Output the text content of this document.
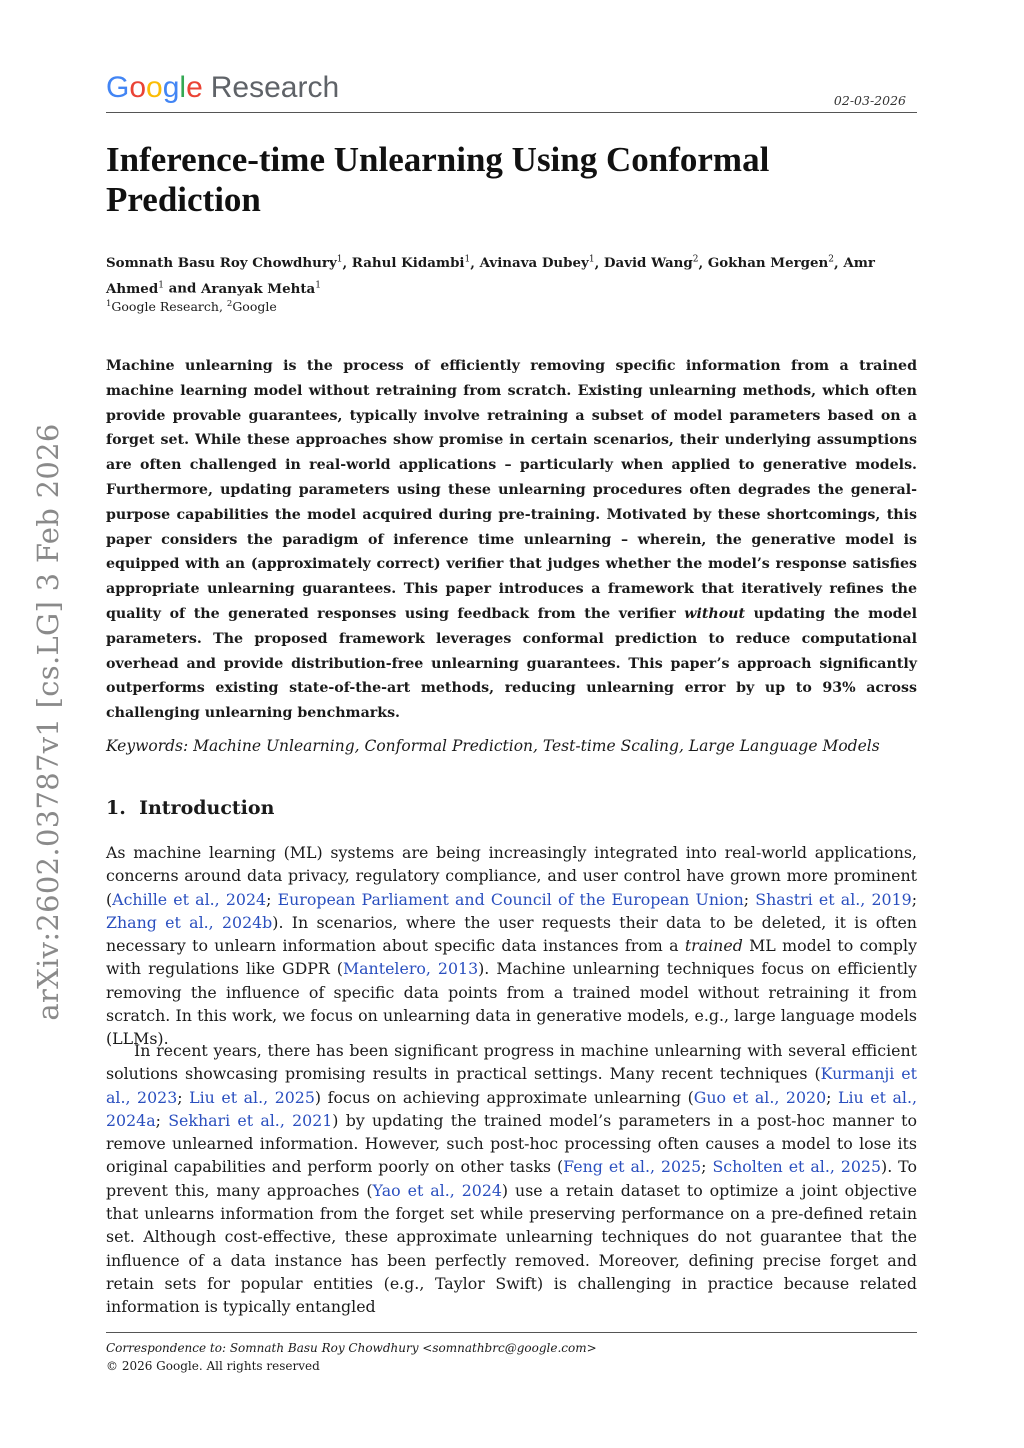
G o o g l e Research	02-03-2026
arXiv:2602.03787v1 [cs.LG] 3 Feb 2026
Inference-time Unlearning Using Conformal Prediction
Somnath Basu Roy Chowdhury$^1$, Rahul Kidambi$^1$, Avinava Dubey$^1$, David Wang$^2$, Gokhan Mergen$^2$, Amr Ahmed$^1$ and Aranyak Mehta$^1$
$^1$Google Research, $^2$Google

Machine unlearning is the process of efficiently removing specific information from a trained machine learning model without retraining from scratch. Existing unlearning methods, which often provide provable guarantees, typically involve retraining a subset of model parameters based on a forget set. While these approaches show promise in certain scenarios, their underlying assumptions are often challenged in real-world applications – particularly when applied to generative models. Furthermore, updating parameters using these unlearning procedures often degrades the general-purpose capabilities the model acquired during pre-training. Motivated by these shortcomings, this paper considers the paradigm of inference time unlearning – wherein, the generative model is equipped with an (approximately correct) verifier that judges whether the model’s response satisfies appropriate unlearning guarantees. This paper introduces a framework that iteratively refines the quality of the generated responses using feedback from the verifier without updating the model parameters. The proposed framework leverages conformal prediction to reduce computational overhead and provide distribution-free unlearning guarantees. This paper’s approach significantly outperforms existing state-of-the-art methods, reducing unlearning error by up to 93% across challenging unlearning benchmarks.

Keywords: Machine Unlearning, Conformal Prediction, Test-time Scaling, Large Language Models
1. Introduction

As machine learning (ML) systems are being increasingly integrated into real-world applications, concerns around data privacy, regulatory compliance, and user control have grown more prominent (Achille et al., 2024; European Parliament and Council of the European Union; Shastri et al., 2019; Zhang et al., 2024b). In scenarios, where the user requests their data to be deleted, it is often necessary to unlearn information about specific data instances from a trained ML model to comply with regulations like GDPR (Mantelero, 2013). Machine unlearning techniques focus on efficiently removing the influence of specific data points from a trained model without retraining it from scratch. In this work, we focus on unlearning data in generative models, e.g., large language models (LLMs).

In recent years, there has been significant progress in machine unlearning with several efficient solutions showcasing promising results in practical settings. Many recent techniques (Kurmanji et al., 2023; Liu et al., 2025) focus on achieving approximate unlearning (Guo et al., 2020; Liu et al., 2024a; Sekhari et al., 2021) by updating the trained model’s parameters in a post-hoc manner to remove unlearned information. However, such post-hoc processing often causes a model to lose its original capabilities and perform poorly on other tasks (Feng et al., 2025; Scholten et al., 2025). To prevent this, many approaches (Yao et al., 2024) use a retain dataset to optimize a joint objective that unlearns information from the forget set while preserving performance on a pre-defined retain set. Although cost-effective, these approximate unlearning techniques do not guarantee that the influence of a data instance has been perfectly removed. Moreover, defining precise forget and retain sets for popular entities (e.g., Taylor Swift) is challenging in practice because related information is typically entangled

Correspondence to: Somnath Basu Roy Chowdhury <somnathbrc@google.com>
© 2026 Google. All rights reserved
